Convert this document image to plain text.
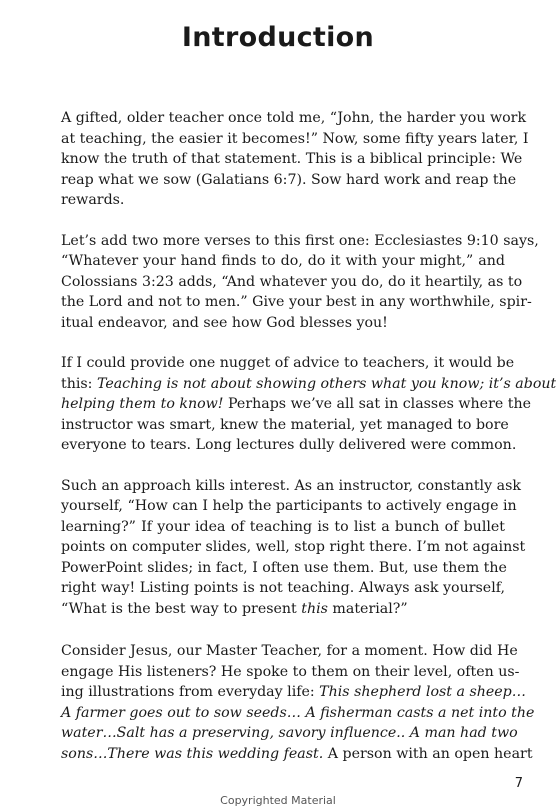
Introduction
A gifted, older teacher once told me, “John, the harder you work
at teaching, the easier it becomes!” Now, some fifty years later, I
know the truth of that statement. This is a biblical principle: We
reap what we sow (Galatians 6:7). Sow hard work and reap the
rewards.
Let’s add two more verses to this first one: Ecclesiastes 9:10 says,
“Whatever your hand finds to do, do it with your might,” and
Colossians 3:23 adds, “And whatever you do, do it heartily, as to
the Lord and not to men.” Give your best in any worthwhile, spir-
itual endeavor, and see how God blesses you!
If I could provide one nugget of advice to teachers, it would be
this: Teaching is not about showing others what you know; it’s about
helping them to know! Perhaps we’ve all sat in classes where the
instructor was smart, knew the material, yet managed to bore
everyone to tears. Long lectures dully delivered were common.
Such an approach kills interest. As an instructor, constantly ask
yourself, “How can I help the participants to actively engage in
learning?” If your idea of teaching is to list a bunch of bullet
points on computer slides, well, stop right there. I’m not against
PowerPoint slides; in fact, I often use them. But, use them the
right way! Listing points is not teaching. Always ask yourself,
“What is the best way to present this material?”
Consider Jesus, our Master Teacher, for a moment. How did He
engage His listeners? He spoke to them on their level, often us-
ing illustrations from everyday life: This shepherd lost a sheep…
A farmer goes out to sow seeds… A fisherman casts a net into the
water…Salt has a preserving, savory influence.. A man had two
sons…There was this wedding feast. A person with an open heart
7
Copyrighted Material
